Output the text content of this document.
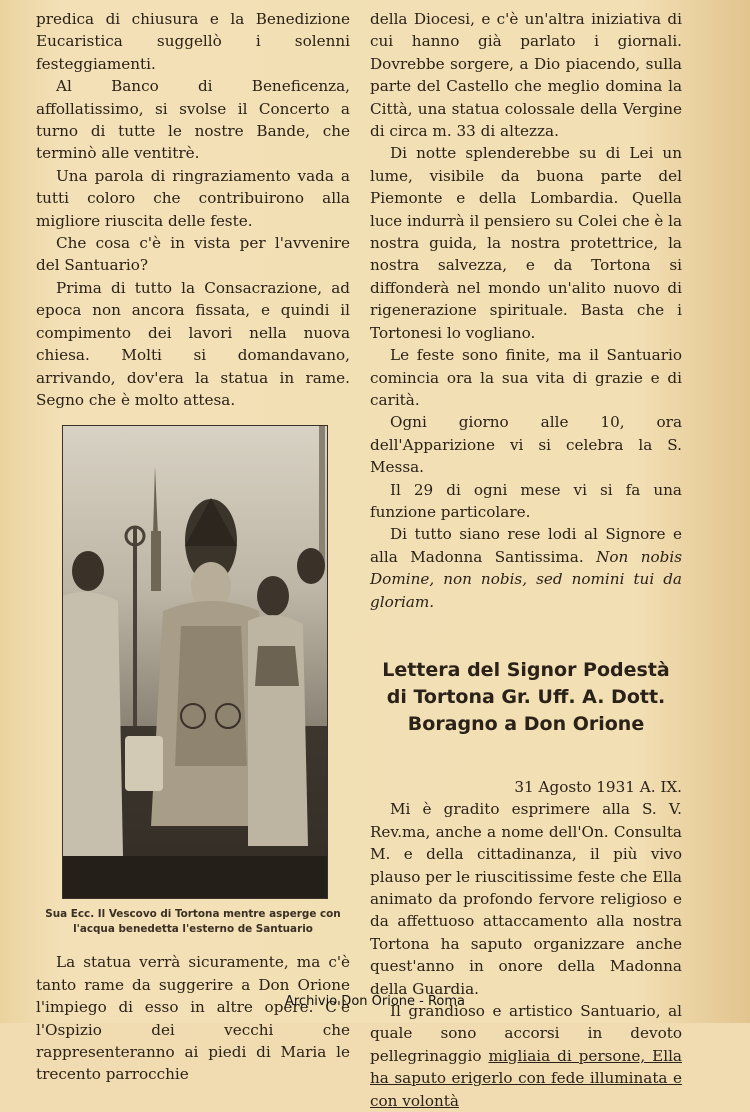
predica di chiusura e la Benedizione Eucaristica suggellò i solenni festeggiamenti.

Al Banco di Beneficenza, affollatissimo, si svolse il Concerto a turno di tutte le nostre Bande, che terminò alle ventitrè.

Una parola di ringraziamento vada a tutti coloro che contribuirono alla migliore riuscita delle feste.

Che cosa c'è in vista per l'avvenire del Santuario?

Prima di tutto la Consacrazione, ad epoca non ancora fissata, e quindi il compimento dei lavori nella nuova chiesa. Molti si domandavano, arrivando, dov'era la statua in rame. Segno che è molto attesa.

Sua Ecc. Il Vescovo di Tortona mentre asperge con l'acqua benedetta l'esterno de Santuario

La statua verrà sicuramente, ma c'è tanto rame da suggerire a Don Orione l'impiego di esso in altre opere. C'è l'Ospizio dei vecchi che rappresenteranno ai piedi di Maria le trecento parrocchie

della Diocesi, e c'è un'altra iniziativa di cui hanno già parlato i giornali. Dovrebbe sorgere, a Dio piacendo, sulla parte del Castello che meglio domina la Città, una statua colossale della Vergine di circa m. 33 di altezza.

Di notte splenderebbe su di Lei un lume, visibile da buona parte del Piemonte e della Lombardia. Quella luce indurrà il pensiero su Colei che è la nostra guida, la nostra protettrice, la nostra salvezza, e da Tortona si diffonderà nel mondo un'alito nuovo di rigenerazione spirituale. Basta che i Tortonesi lo vogliano.

Le feste sono finite, ma il Santuario comincia ora la sua vita di grazie e di carità.

Ogni giorno alle 10, ora dell'Apparizione vi si celebra la S. Messa.

Il 29 di ogni mese vi si fa una funzione particolare.

Di tutto siano rese lodi al Signore e alla Madonna Santissima. Non nobis Domine, non nobis, sed nomini tui da gloriam.

Lettera del Signor Podestà di Tortona Gr. Uff. A. Dott. Boragno a Don Orione

31 Agosto 1931 A. IX.

Mi è gradito esprimere alla S. V. Rev.ma, anche a nome dell'On. Consulta M. e della cittadinanza, il più vivo plauso per le riuscitissime feste che Ella animato da profondo fervore religioso e da affettuoso attaccamento alla nostra Tortona ha saputo organizzare anche quest'anno in onore della Madonna della Guardia.

Il grandioso e artistico Santuario, al quale sono accorsi in devoto pellegrinaggio migliaia di persone, Ella ha saputo erigerlo con fede illuminata e con volontà

Archivio Don Orione - Roma
